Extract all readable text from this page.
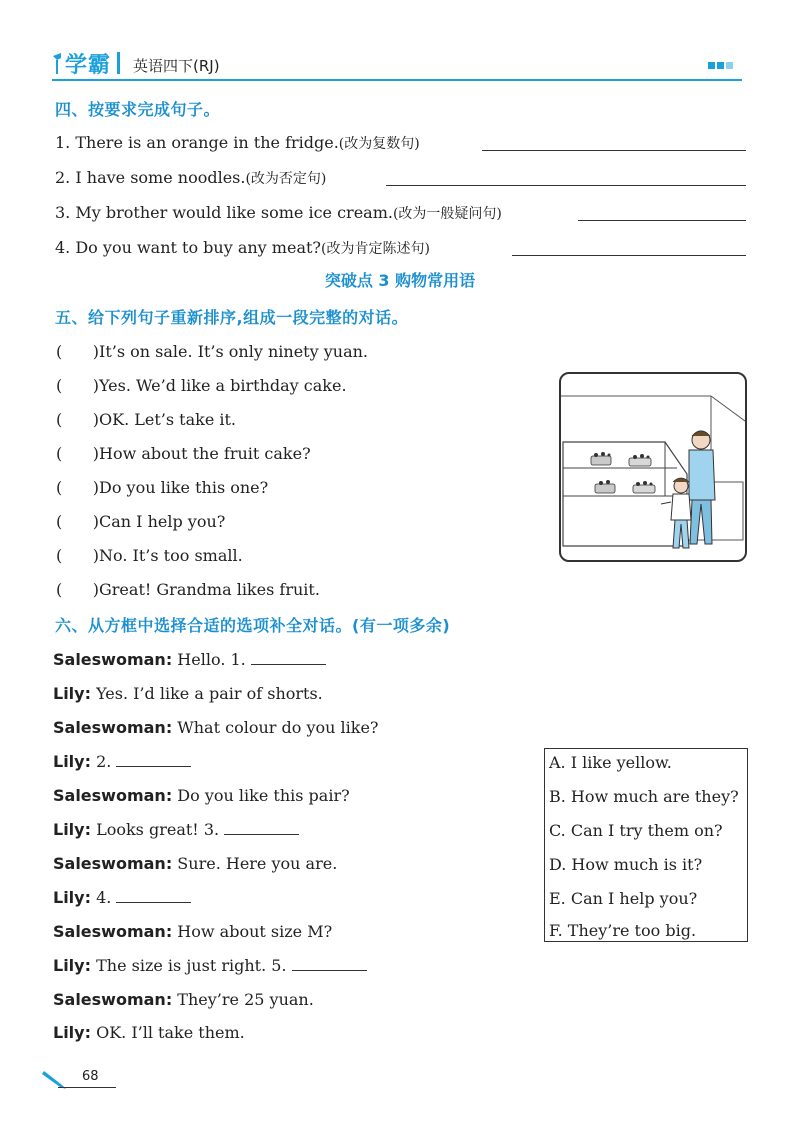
学霸 英语四下(RJ)
四、按要求完成句子。
1. There is an orange in the fridge.(改为复数句)
2. I have some noodles.(改为否定句)
3. My brother would like some ice cream.(改为一般疑问句)
4. Do you want to buy any meat?(改为肯定陈述句)
突破点 3 购物常用语
五、给下列句子重新排序,组成一段完整的对话。
(      )It’s on sale. It’s only ninety yuan.
(      )Yes. We’d like a birthday cake.
(      )OK. Let’s take it.
(      )How about the fruit cake?
(      )Do you like this one?
(      )Can I help you?
(      )No. It’s too small.
(      )Great! Grandma likes fruit.
六、从方框中选择合适的选项补全对话。(有一项多余)
Saleswoman: Hello. 1.
Lily: Yes. I’d like a pair of shorts.
Saleswoman: What colour do you like?
Lily: 2.
Saleswoman: Do you like this pair?
Lily: Looks great! 3.
Saleswoman: Sure. Here you are.
Lily: 4.
Saleswoman: How about size M?
Lily: The size is just right. 5.
Saleswoman: They’re 25 yuan.
Lily: OK. I’ll take them.
A. I like yellow.
B. How much are they?
C. Can I try them on?
D. How much is it?
E. Can I help you?
F. They’re too big.
68
